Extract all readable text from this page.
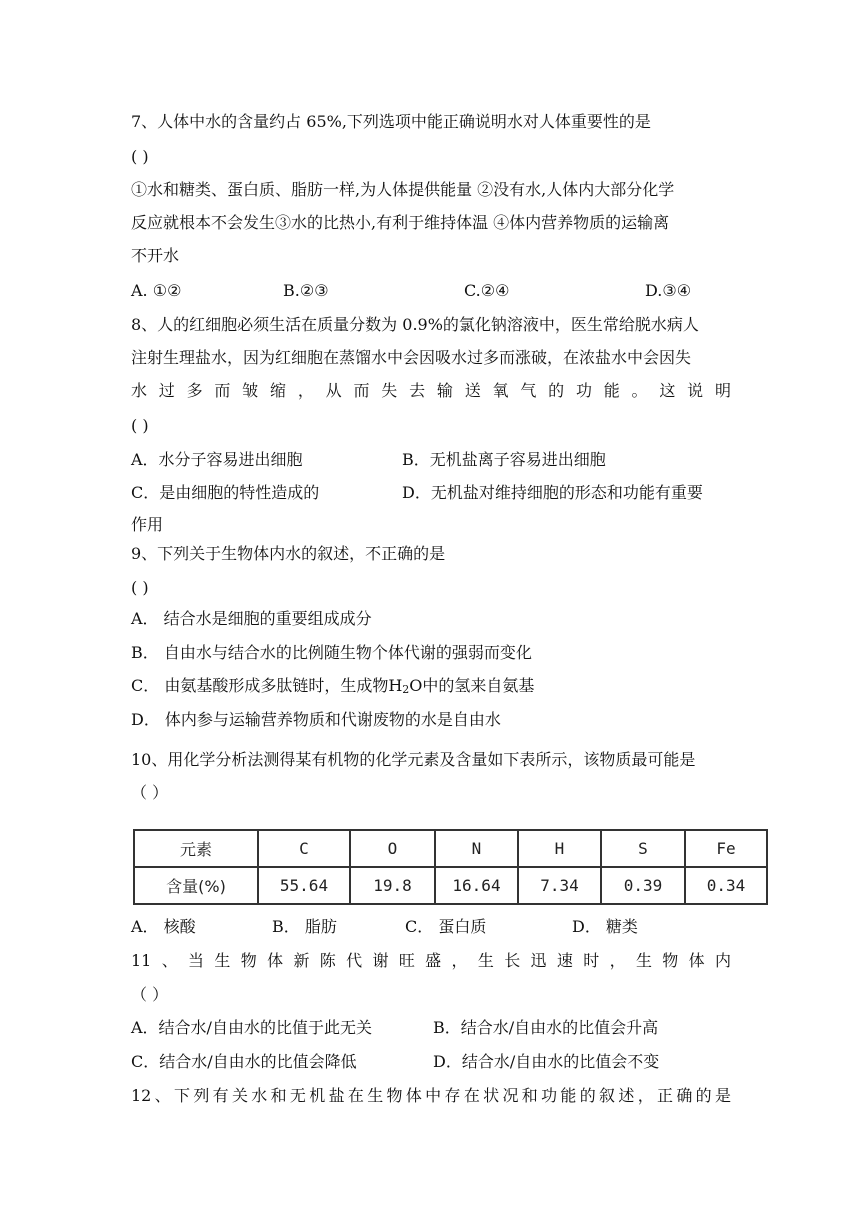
7、人体中水的含量约占 65%,下列选项中能正确说明水对人体重要性的是
( )
①水和糖类、蛋白质、脂肪一样,为人体提供能量 ②没有水,人体内大部分化学
反应就根本不会发生③水的比热小,有利于维持体温 ④体内营养物质的运输离
不开水
A. ①②	B.②③	C.②④	D.③④
8、人的红细胞必须生活在质量分数为 0.9%的氯化钠溶液中，医生常给脱水病人
注射生理盐水，因为红细胞在蒸馏水中会因吸水过多而涨破，在浓盐水中会因失
水过多而皱缩，从而失去输送氧气的功能。这说明
( )
A．水分子容易进出细胞	B．无机盐离子容易进出细胞
C．是由细胞的特性造成的	D．无机盐对维持细胞的形态和功能有重要
作用
9、下列关于生物体内水的叙述，不正确的是
( )
A． 结合水是细胞的重要组成成分
B． 自由水与结合水的比例随生物个体代谢的强弱而变化
C． 由氨基酸形成多肽链时，生成物$H_2O$中的氢来自氨基
D． 体内参与运输营养物质和代谢废物的水是自由水
10、用化学分析法测得某有机物的化学元素及含量如下表所示，该物质最可能是
（ ）
元素	C	O	N	H	S	Fe
含量(%)	55.64	19.8	16.64	7.34	0.39	0.34
A． 核酸	B． 脂肪	C． 蛋白质	D． 糖类
11、当生物体新陈代谢旺盛，生长迅速时，生物体内
（ ）
A．结合水/自由水的比值于此无关	B．结合水/自由水的比值会升高
C．结合水/自由水的比值会降低	D．结合水/自由水的比值会不变
12、下列有关水和无机盐在生物体中存在状况和功能的叙述，正确的是
